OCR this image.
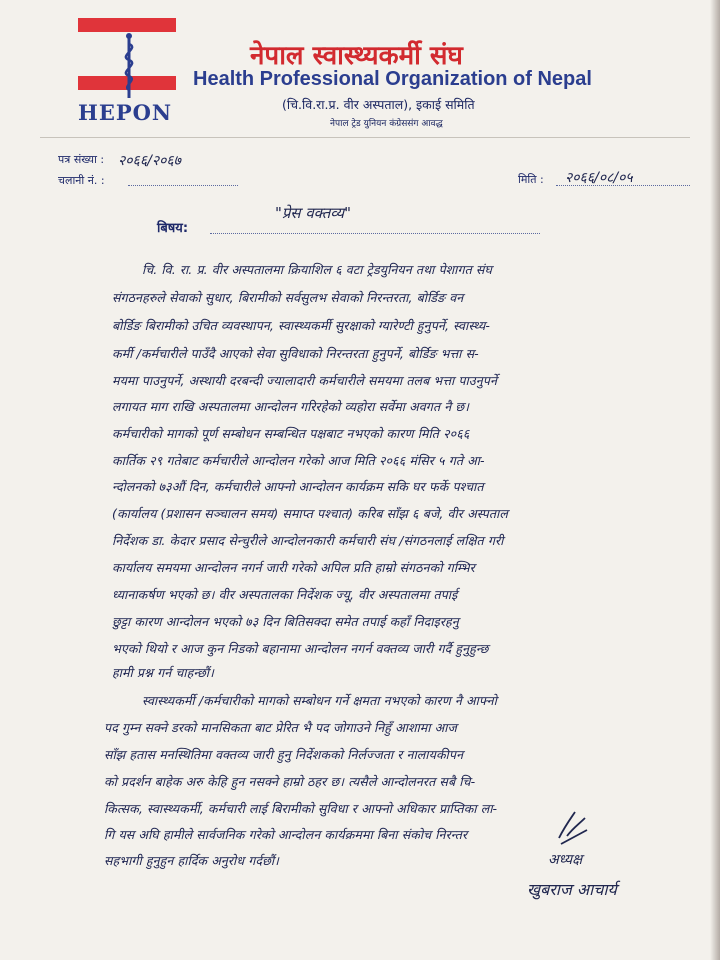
HEPON
नेपाल स्वास्थ्यकर्मी संघ
Health Professional Organization of Nepal
(चि.वि.रा.प्र. वीर अस्पताल), इकाई समिति
नेपाल ट्रेड युनियन कंग्रेससंग आवद्ध
पत्र संख्या : २०६६/२०६७
चलानी नं. :	मिति : २०६६/०८/०५
बिषय:
"प्रेस वक्तव्य"
चि. वि. रा. प्र. वीर अस्पतालमा क्रियाशिल ६ वटा ट्रेडयुनियन तथा पेशागत संघ
संगठनहरुले सेवाको सुधार, बिरामीको सर्वसुलभ सेवाको निरन्तरता, बोर्डिङ वन
बोर्डिङ बिरामीको उचित व्यवस्थापन, स्वास्थ्यकर्मी सुरक्षाको ग्यारेण्टी हुनुपर्ने, स्वास्थ्य-
कर्मी /कर्मचारीले पाउँदै आएको सेवा सुविधाको निरन्तरता हुनुपर्ने, बोर्डिङ भत्ता स-
मयमा पाउनुपर्ने, अस्थायी दरबन्दी ज्यालादारी कर्मचारीले समयमा तलब भत्ता पाउनुपर्ने
लगायत माग राखि अस्पतालमा आन्दोलन गरिरहेको व्यहोरा सर्वेमा अवगत नै छ।
कर्मचारीको मागको पूर्ण सम्बोधन सम्बन्धित पक्षबाट नभएको कारण मिति २०६६
कार्तिक २९ गतेबाट कर्मचारीले आन्दोलन गरेको आज मिति २०६६ मंसिर ५ गते आ-
न्दोलनको ७३औं दिन, कर्मचारीले आफ्नो आन्दोलन कार्यक्रम सकि घर फर्के पश्चात
(कार्यालय (प्रशासन सञ्चालन समय) समाप्त पश्चात) करिब साँझ ६ बजे, वीर अस्पताल
निर्देशक डा. केदार प्रसाद सेन्चुरीले आन्दोलनकारी कर्मचारी संघ /संगठनलाई लक्षित गरी
कार्यालय समयमा आन्दोलन नगर्न जारी गरेको अपिल प्रति हाम्रो संगठनको गम्भिर
ध्यानाकर्षण भएको छ। वीर अस्पतालका निर्देशक ज्यू, वीर अस्पतालमा तपाई
छुट्टा कारण आन्दोलन भएको ७३ दिन बितिसक्दा समेत तपाई कहाँ निदाइरहनु
भएको थियो र आज कुन निडको बहानामा आन्दोलन नगर्न वक्तव्य जारी गर्दै हुनुहुन्छ
हामी प्रश्न गर्न चाहन्छौं।
स्वास्थ्यकर्मी /कर्मचारीको मागको सम्बोधन गर्ने क्षमता नभएको कारण नै आफ्नो
पद गुम्न सक्ने डरको मानसिकता बाट प्रेरित भै पद जोगाउने निहुँ आशामा आज
साँझ हतास मनस्थितिमा वक्तव्य जारी हुनु निर्देशकको निर्लज्जता र नालायकीपन
को प्रदर्शन बाहेक अरु केहि हुन नसक्ने हाम्रो ठहर छ। त्यसैले आन्दोलनरत सबै चि-
कित्सक, स्वास्थ्यकर्मी, कर्मचारी लाई बिरामीको सुविधा र आफ्नो अधिकार प्राप्तिका ला-
गि यस अघि हामीले सार्वजनिक गरेको आन्दोलन कार्यक्रममा बिना संकोच निरन्तर
सहभागी हुनुहुन हार्दिक अनुरोध गर्दछौं।	अध्यक्ष
खुबराज आचार्य
